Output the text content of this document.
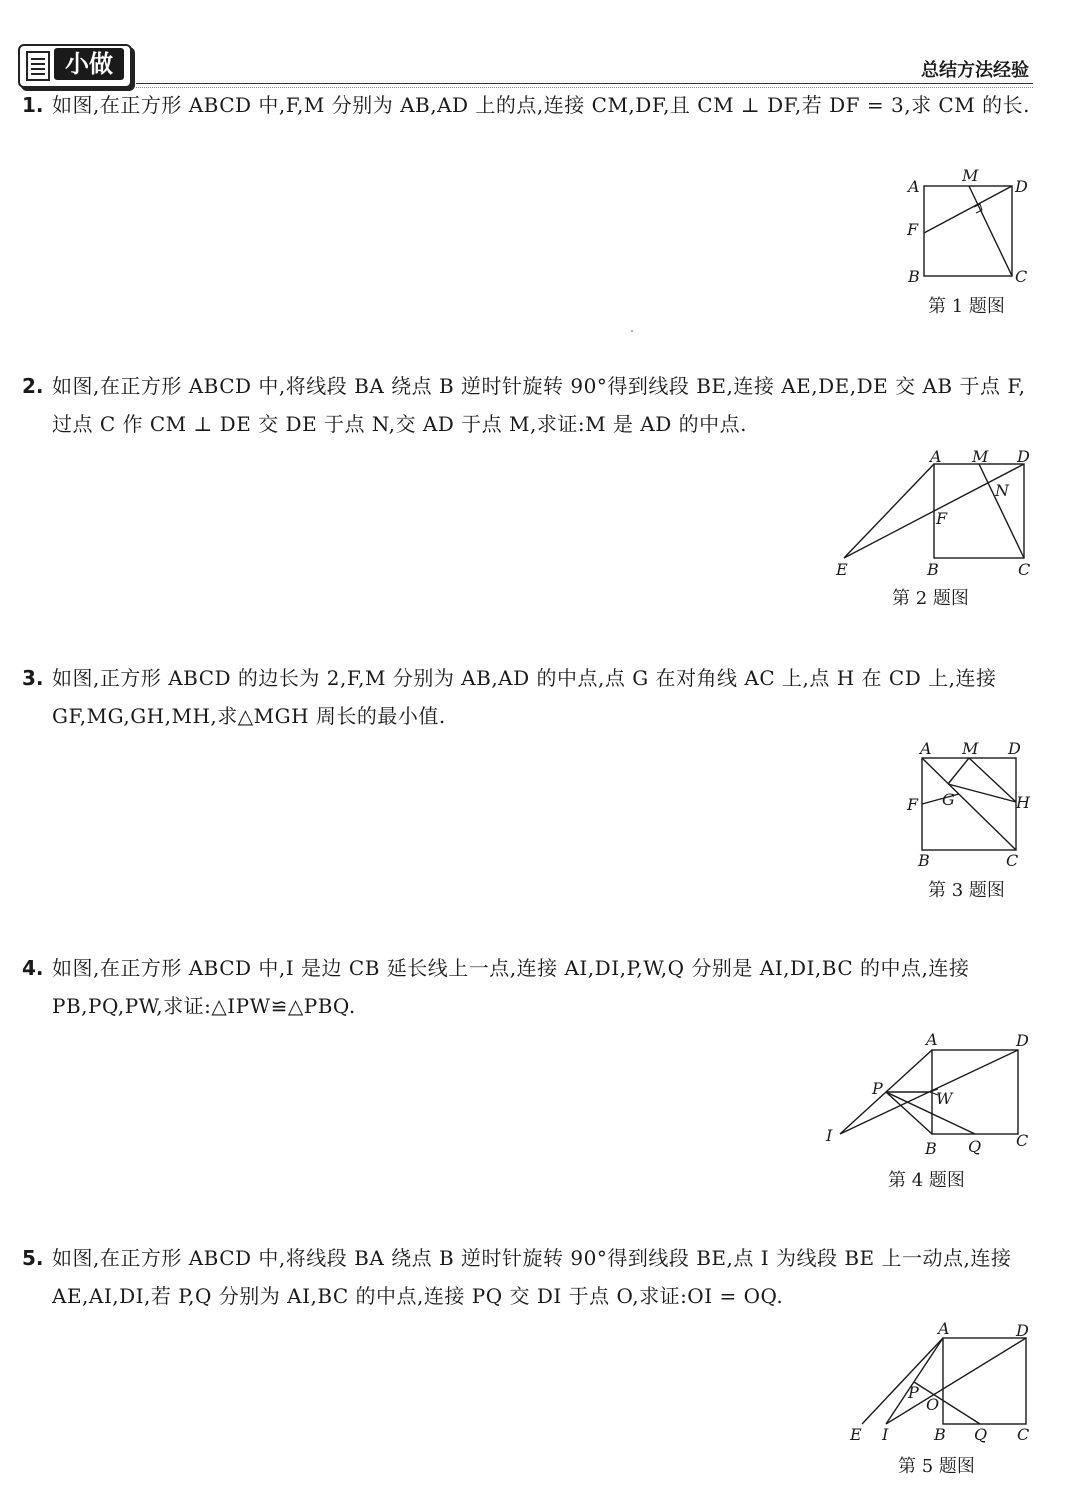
小做	总结方法经验
1. 如图,在正方形 ABCD 中,F,M 分别为 AB,AD 上的点,连接 CM,DF,且 CM ⊥ DF,若 DF = 3,求 CM 的长.
A
M
D
F
B	C
第 1 题图
2. 如图,在正方形 ABCD 中,将线段 BA 绕点 B 逆时针旋转 90°得到线段 BE,连接 AE,DE,DE 交 AB 于点 F,过点 C 作 CM ⊥ DE 交 DE 于点 N,交 AD 于点 M,求证:M 是 AD 的中点.
A M D
N
F
E	B	C
第 2 题图
3. 如图,正方形 ABCD 的边长为 2,F,M 分别为 AB,AD 的中点,点 G 在对角线 AC 上,点 H 在 CD 上,连接 GF,MG,GH,MH,求△MGH 周长的最小值.
A M D
F G	H
B	C
第 3 题图
4. 如图,在正方形 ABCD 中,I 是边 CB 延长线上一点,连接 AI,DI,P,W,Q 分别是 AI,DI,BC 的中点,连接 PB,PQ,PW,求证:△IPW≌△PBQ.
A	D
P
W
I
B Q C
第 4 题图
5. 如图,在正方形 ABCD 中,将线段 BA 绕点 B 逆时针旋转 90°得到线段 BE,点 I 为线段 BE 上一动点,连接 AE,AI,DI,若 P,Q 分别为 AI,BC 的中点,连接 PQ 交 DI 于点 O,求证:OI = OQ.
A	D
P
O
E I	B Q C
第 5 题图
